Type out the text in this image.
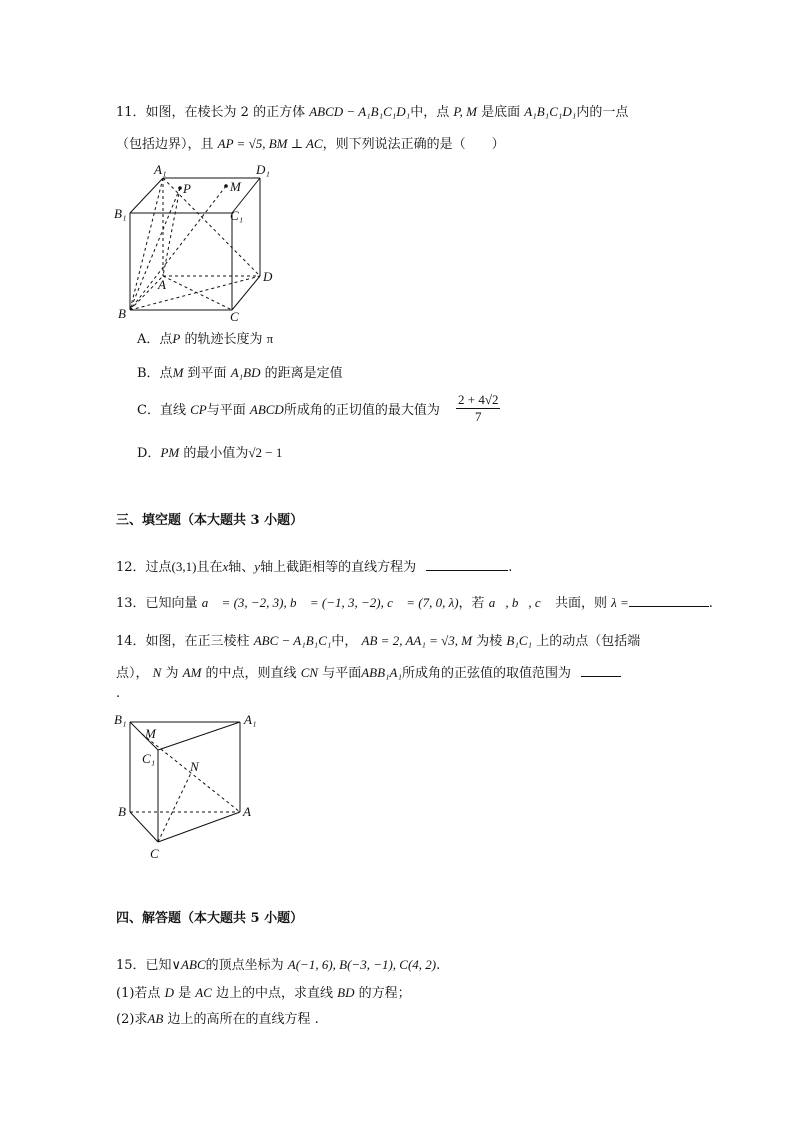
11．如图，在棱长为 2 的正方体 ABCD − A₁B₁C₁D₁中，点 P, M 是底面 A₁B₁C₁D₁内的一点
（包括边界），且 AP = √5, BM ⊥ AC，则下列说法正确的是（　　）
A₁	D₁
B₁	C₁
P	M
A
D
B	C
A．点P 的轨迹长度为 π
B．点M 到平面 A₁BD 的距离是定值
C．直线 CP与平面 ABCD所成角的正切值的最大值为 $\frac{2 + 4√2}{7}$
D．PM 的最小值为√2 − 1
三、填空题（本大题共 3 小题）
12．过点(3,1)且在x轴、y轴上截距相等的直线方程为	.
13．已知向量 a⃗ = (3, −2, 3), b⃗ = (−1, 3, −2), c⃗ = (7, 0, λ)，若 a⃗, b⃗, c⃗ 共面，则 λ =	.
14．如图，在正三棱柱 ABC − A₁B₁C₁中， AB = 2, AA₁ = √3, M 为棱 B₁C₁ 上的动点（包括端
点）， N 为 AM 的中点，则直线 CN 与平面ABB₁A₁所成角的正弦值的取值范围为
.
B₁	A₁
M
C₁
N
B	A
C
四、解答题（本大题共 5 小题）
15．已知∨ABC的顶点坐标为 A(−1, 6), B(−3, −1), C(4, 2).
(1)若点 D 是 AC 边上的中点，求直线 BD 的方程；
(2)求AB 边上的高所在的直线方程 .
